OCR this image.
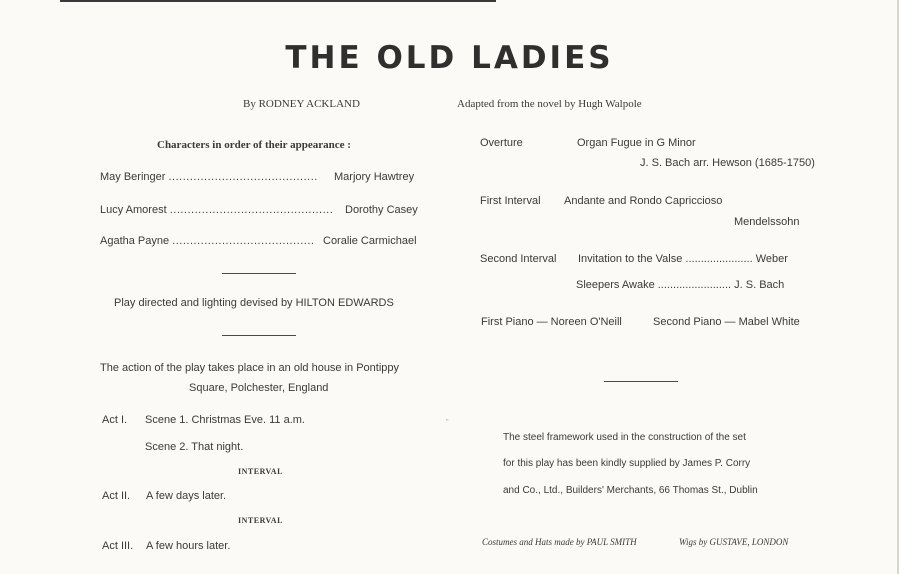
THE OLD LADIES
By RODNEY ACKLAND	Adapted from the novel by Hugh Walpole
Characters in order of their appearance :
May Beringer .......................................... Marjory Hawtrey
Lucy Amorest .............................................. Dorothy Casey
Agatha Payne ........................................ Coralie Carmichael
Play directed and lighting devised by HILTON EDWARDS
The action of the play takes place in an old house in Pontippy
Square, Polchester, England
Act I. Scene 1. Christmas Eve. 11 a.m.
Scene 2. That night.
INTERVAL
Act II. A few days later.
INTERVAL
Act III. A few hours later.
"
Overture	Organ Fugue in G Minor
J. S. Bach arr. Hewson (1685-1750)
First Interval Andante and Rondo Capriccioso
Mendelssohn
Second Interval Invitation to the Valse ...................... Weber
Sleepers Awake ........................ J. S. Bach
First Piano — Noreen O'Neill	Second Piano — Mabel White
The steel framework used in the construction of the set
for this play has been kindly supplied by James P. Corry
and Co., Ltd., Builders' Merchants, 66 Thomas St., Dublin
Costumes and Hats made by PAUL SMITH	Wigs by GUSTAVE, LONDON
